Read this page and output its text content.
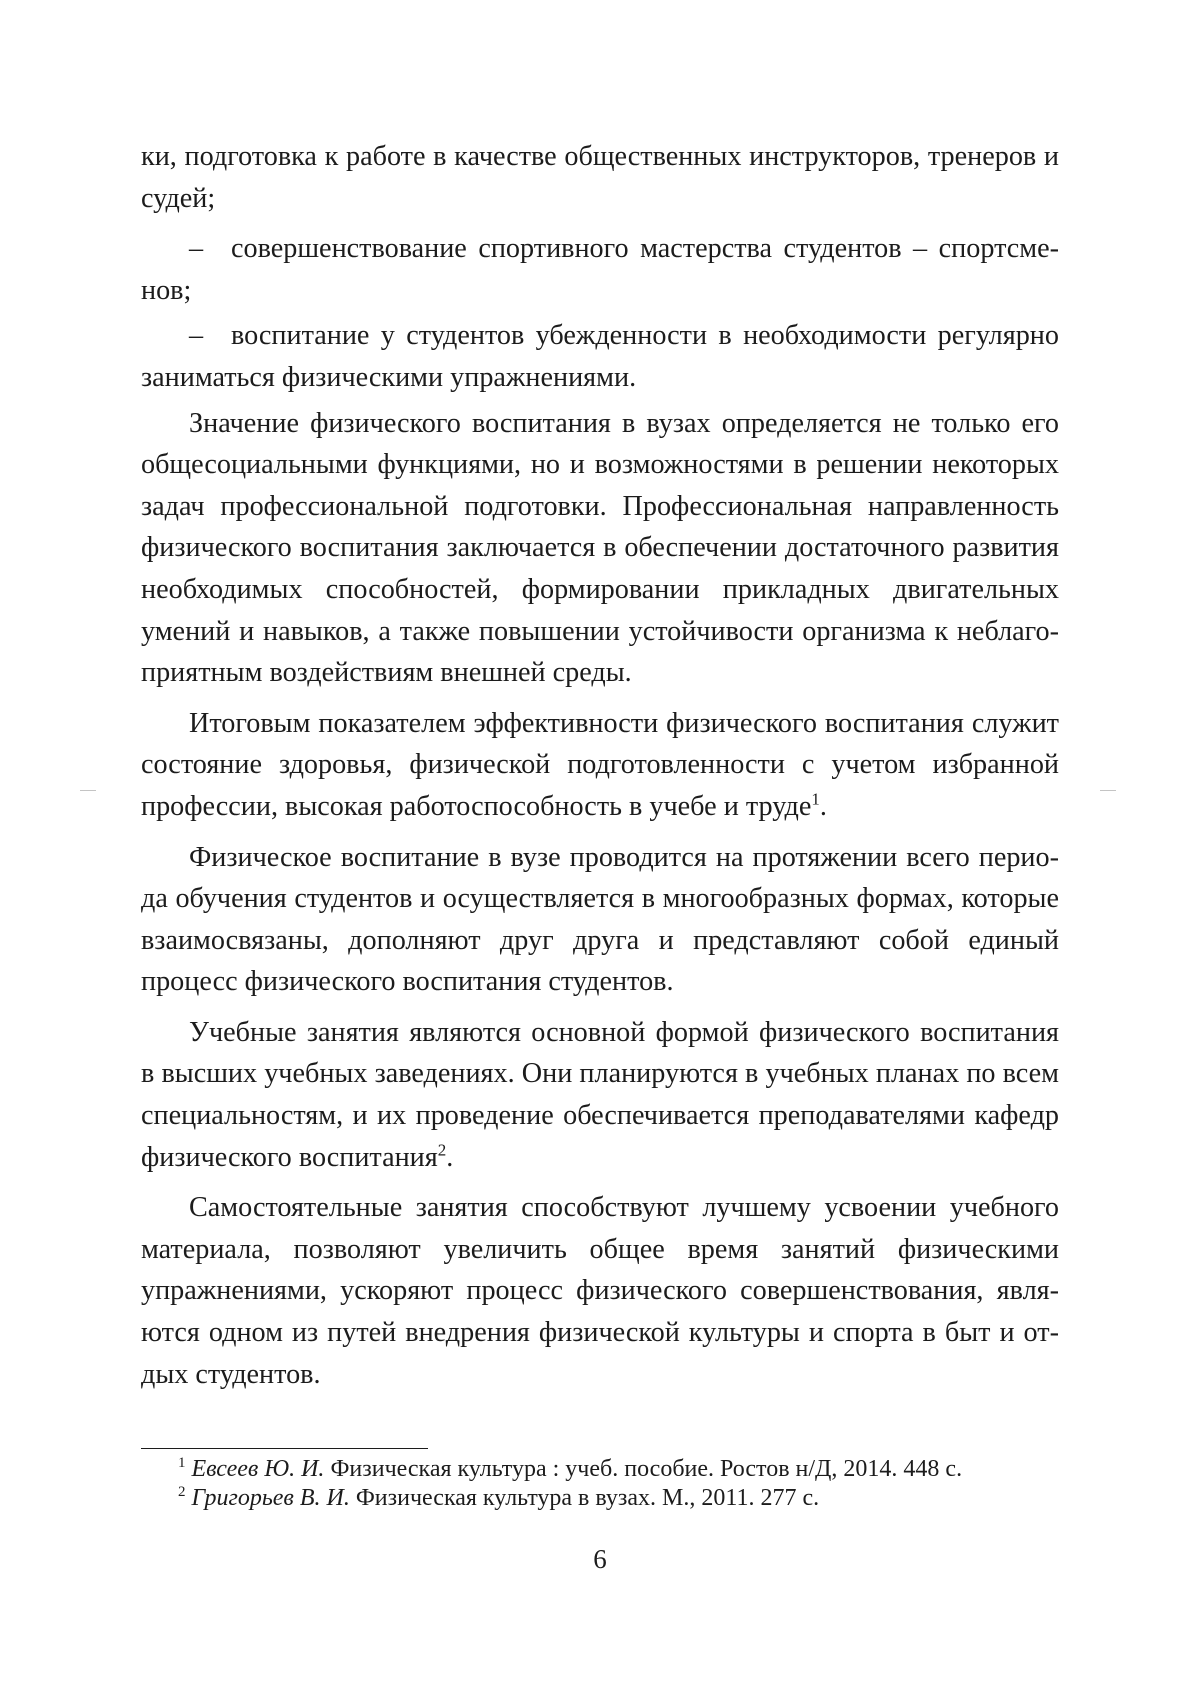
ки, подготовка к работе в качестве общественных инструкторов, тренеров и судей;

– совершенствование спортивного мастерства студентов – спортсменов;

– воспитание у студентов убежденности в необходимости регулярно заниматься физическими упражнениями.

Значение физического воспитания в вузах определяется не только его общесоциальными функциями, но и возможностями в решении некоторых задач профессиональной подготовки. Профессиональная направленность физического воспитания заключается в обеспечении достаточного развития необходимых способностей, формировании прикладных двигательных умений и навыков, а также повышении устойчивости организма к неблагоприятным воздействиям внешней среды.

Итоговым показателем эффективности физического воспитания служит состояние здоровья, физической подготовленности с учетом избранной профессии, высокая работоспособность в учебе и труде$^1$.

Физическое воспитание в вузе проводится на протяжении всего периода обучения студентов и осуществляется в многообразных формах, которые взаимосвязаны, дополняют друг друга и представляют собой единый процесс физического воспитания студентов.

Учебные занятия являются основной формой физического воспитания в высших учебных заведениях. Они планируются в учебных планах по всем специальностям, и их проведение обеспечивается преподавателями кафедр физического воспитания$^2$.

Самостоятельные занятия способствуют лучшему усвоении учебного материала, позволяют увеличить общее время занятий физическими упражнениями, ускоряют процесс физического совершенствования, являются одном из путей внедрения физической культуры и спорта в быт и отдых студентов.

$^1$ Евсеев Ю. И. Физическая культура : учеб. пособие. Ростов н/Д, 2014. 448 с.

$^2$ Григорьев В. И. Физическая культура в вузах. М., 2011. 277 с.

6
